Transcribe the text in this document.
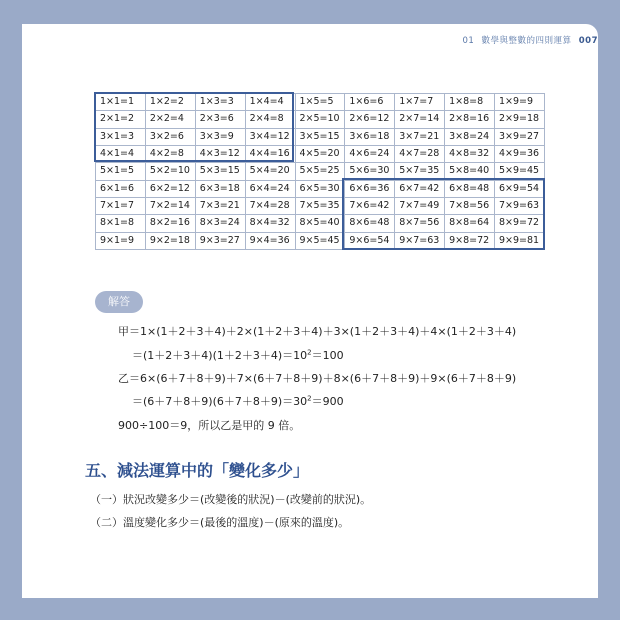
01 數學與整數的四則運算 007
1×1=1	1×2=2	1×3=3	1×4=4	1×5=5	1×6=6	1×7=7	1×8=8	1×9=9
2×1=2	2×2=4	2×3=6	2×4=8	2×5=10	2×6=12	2×7=14	2×8=16	2×9=18
3×1=3	3×2=6	3×3=9	3×4=12	3×5=15	3×6=18	3×7=21	3×8=24	3×9=27
4×1=4	4×2=8	4×3=12	4×4=16	4×5=20	4×6=24	4×7=28	4×8=32	4×9=36
5×1=5	5×2=10	5×3=15	5×4=20	5×5=25	5×6=30	5×7=35	5×8=40	5×9=45
6×1=6	6×2=12	6×3=18	6×4=24	6×5=30	6×6=36	6×7=42	6×8=48	6×9=54
7×1=7	7×2=14	7×3=21	7×4=28	7×5=35	7×6=42	7×7=49	7×8=56	7×9=63
8×1=8	8×2=16	8×3=24	8×4=32	8×5=40	8×6=48	8×7=56	8×8=64	8×9=72
9×1=9	9×2=18	9×3=27	9×4=36	9×5=45	9×6=54	9×7=63	9×8=72	9×9=81
解答
甲＝1×(1＋2＋3＋4)＋2×(1＋2＋3＋4)＋3×(1＋2＋3＋4)＋4×(1＋2＋3＋4)
$=(1+2+3+4)(1+2+3+4)=10^2=100$
乙＝6×(6＋7＋8＋9)＋7×(6＋7＋8＋9)＋8×(6＋7＋8＋9)＋9×(6＋7＋8＋9)
$=(6+7+8+9)(6+7+8+9)=30^2=900$
900÷100＝9，所以乙是甲的 9 倍。
五、減法運算中的「變化多少」
（一）狀況改變多少＝(改變後的狀況)－(改變前的狀況)。
（二）溫度變化多少＝(最後的溫度)－(原來的溫度)。
